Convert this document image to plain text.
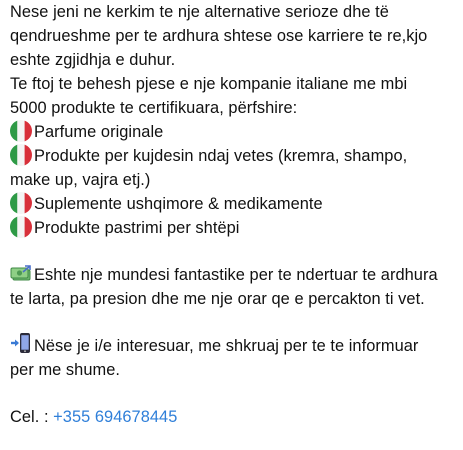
Nese jeni ne kerkim te nje alternative serioze dhe të
qendrueshme per te ardhura shtese ose karriere te re,kjo
eshte zgjidhja e duhur.
Te ftoj te behesh pjese e nje kompanie italiane me mbi
5000 produkte te certifikuara, përfshire:
Parfume originale
Produkte per kujdesin ndaj vetes (kremra, shampo,
make up, vajra etj.)
Suplemente ushqimore & medikamente
Produkte pastrimi per shtëpi
Eshte nje mundesi fantastike per te ndertuar te ardhura
te larta, pa presion dhe me nje orar qe e percakton ti vet.
Nëse je i/e interesuar, me shkruaj per te te informuar
per me shume.
Cel. : +355 694678445
